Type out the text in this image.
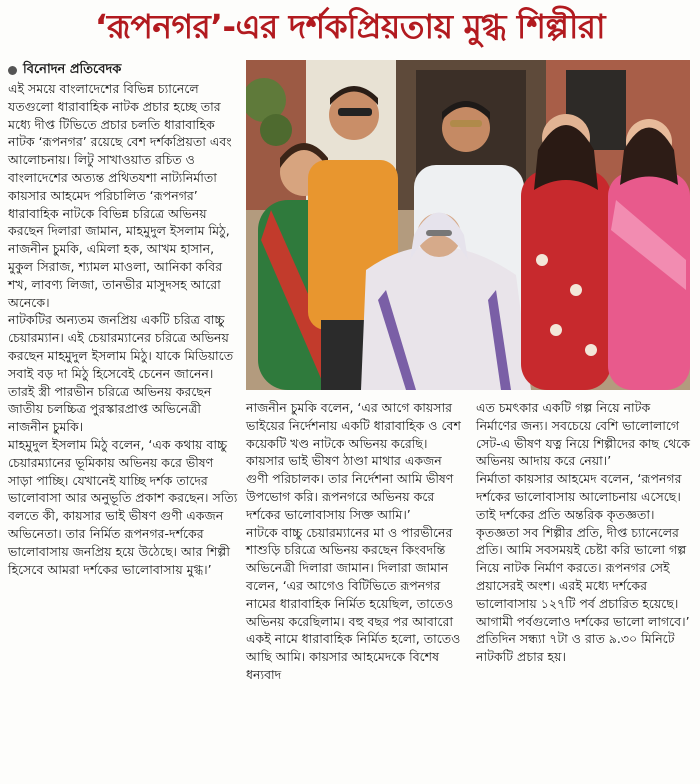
‘রূপনগর’-এর দর্শকপ্রিয়তায় মুগ্ধ শিল্পীরা
বিনোদন প্রতিবেদক

এই সময়ে বাংলাদেশের বিভিন্ন চ্যানেলে যতগুলো ধারাবাহিক নাটক প্রচার হচ্ছে তার মধ্যে দীপ্ত টিভিতে প্রচার চলতি ধারাবাহিক নাটক ‘রূপনগর’ রয়েছে বেশ দর্শকপ্রিয়তা এবং আলোচনায়। লিটু সাখাওয়াত রচিত ও বাংলাদেশের অত্যন্ত প্রথিতযশা নাট্যনির্মাতা কায়সার আহমেদ পরিচালিত ‘রূপনগর’ ধারাবাহিক নাটকে বিভিন্ন চরিত্রে অভিনয় করছেন দিলারা জামান, মাহমুদুল ইসলাম মিঠু, নাজনীন চুমকি, এমিলা হক, আখম হাসান, মুকুল সিরাজ, শ্যামল মাওলা, আনিকা কবির শখ, লাবণ্য লিজা, তানভীর মাসুদসহ আরো অনেকে।

নাটকটির অন্যতম জনপ্রিয় একটি চরিত্র বাচ্চু চেয়ারম্যান। এই চেয়ারম্যানের চরিত্রে অভিনয় করছেন মাহমুদুল ইসলাম মিঠু। যাকে মিডিয়াতে সবাই বড় দা মিঠু হিসেবেই চেনেন জানেন। তারই স্ত্রী পারভীন চরিত্রে অভিনয় করছেন জাতীয় চলচ্চিত্র পুরস্কারপ্রাপ্ত অভিনেত্রী নাজনীন চুমকি।

মাহমুদুল ইসলাম মিঠু বলেন, ‘এক কথায় বাচ্চু চেয়ারম্যানের ভূমিকায় অভিনয় করে ভীষণ সাড়া পাচ্ছি। যেখানেই যাচ্ছি দর্শক তাদের ভালোবাসা আর অনুভূতি প্রকাশ করছেন। সত্যি বলতে কী, কায়সার ভাই ভীষণ গুণী একজন অভিনেতা। তার নির্মিত রূপনগর-দর্শকের ভালোবাসায় জনপ্রিয় হয়ে উঠেছে। আর শিল্পী হিসেবে আমরা দর্শকের ভালোবাসায় মুগ্ধ।’

নাজনীন চুমকি বলেন, ‘এর আগে কায়সার ভাইয়ের নির্দেশনায় একটি ধারাবাহিক ও বেশ কয়েকটি খণ্ড নাটকে অভিনয় করেছি। কায়সার ভাই ভীষণ ঠাণ্ডা মাথার একজন গুণী পরিচালক। তার নির্দেশনা আমি ভীষণ উপভোগ করি। রূপনগরে অভিনয় করে দর্শকের ভালোবাসায় সিক্ত আমি।’

নাটকে বাচ্চু চেয়ারম্যানের মা ও পারভীনের শাশুড়ি চরিত্রে অভিনয় করছেন কিংবদন্তি অভিনেত্রী দিলারা জামান। দিলারা জামান বলেন, ‘এর আগেও বিটিভিতে রূপনগর নামের ধারাবাহিক নির্মিত হয়েছিল, তাতেও অভিনয় করেছিলাম। বহু বছর পর আবারো একই নামে ধারাবাহিক নির্মিত হলো, তাতেও আছি আমি। কায়সার আহমেদকে বিশেষ ধন্যবাদ

এত চমৎকার একটি গল্প নিয়ে নাটক নির্মাণের জন্য। সবচেয়ে বেশি ভালোলাগে সেট-এ ভীষণ যত্ন নিয়ে শিল্পীদের কাছ থেকে অভিনয় আদায় করে নেয়া।’

নির্মাতা কায়সার আহমেদ বলেন, ‘রূপনগর দর্শকের ভালোবাসায় আলোচনায় এসেছে। তাই দর্শকের প্রতি অন্তরিক কৃতজ্ঞতা।

কৃতজ্ঞতা সব শিল্পীর প্রতি, দীপ্ত চ্যানেলের প্রতি। আমি সবসময়ই চেষ্টা করি ভালো গল্প নিয়ে নাটক নির্মাণ করতে। রূপনগর সেই প্রয়াসেরই অংশ। এরই মধ্যে দর্শকের ভালোবাসায় ১২৭টি পর্ব প্রচারিত হয়েছে। আগামী পর্বগুলোও দর্শকের ভালো লাগবে।’ প্রতিদিন সন্ধ্যা ৭টা ও রাত ৯.৩০ মিনিটে নাটকটি প্রচার হয়।
